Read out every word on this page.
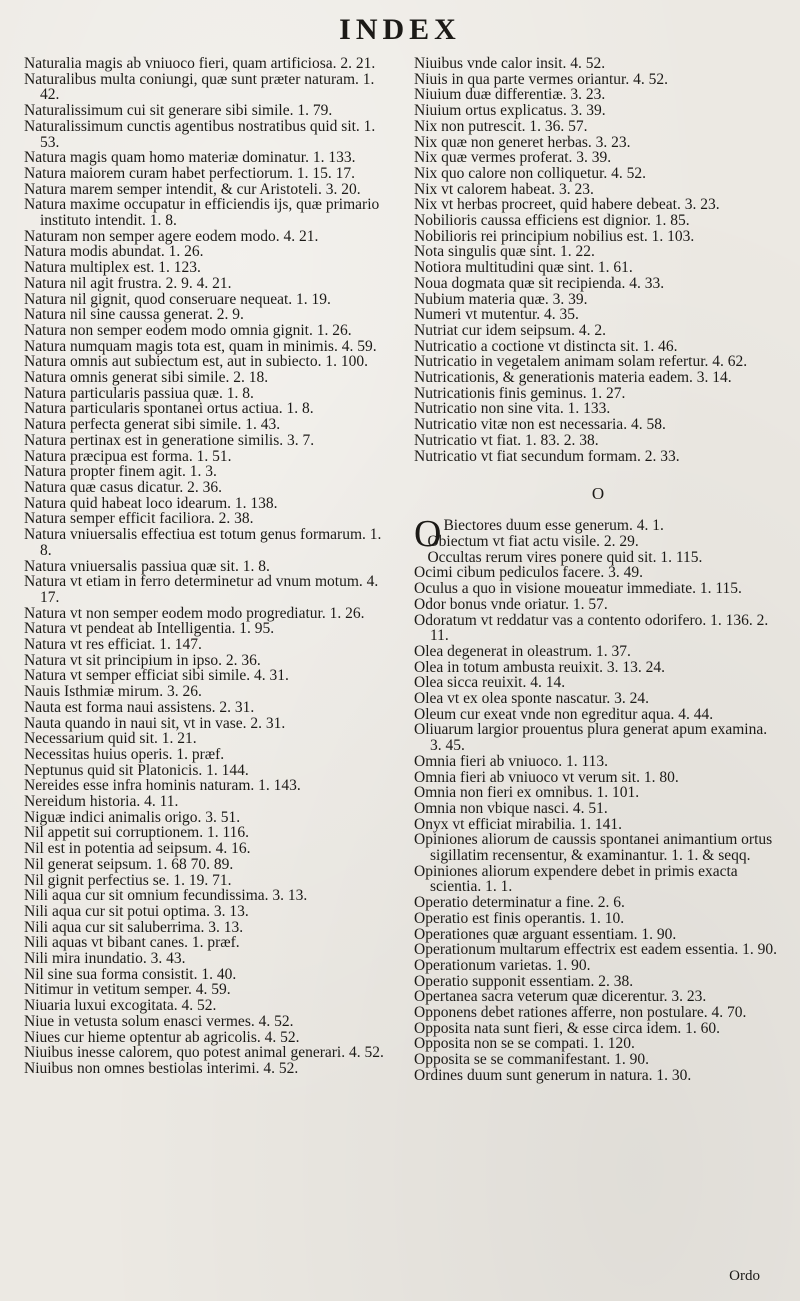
INDEX
Naturalia magis ab vniuoco fieri, quam artificiosa. 2. 21.
Naturalibus multa coniungi, quæ sunt præter naturam. 1. 42.
Naturalissimum cui sit generare sibi simile. 1. 79.
Naturalissimum cunctis agentibus nostratibus quid sit. 1. 53.
Natura magis quam homo materiæ dominatur. 1. 133.
Natura maiorem curam habet perfectiorum. 1. 15. 17.
Natura marem semper intendit, & cur Aristoteli. 3. 20.
Natura maxime occupatur in efficiendis ijs, quæ primario instituto intendit. 1. 8.
Naturam non semper agere eodem modo. 4. 21.
Natura modis abundat. 1. 26.
Natura multiplex est. 1. 123.
Natura nil agit frustra. 2. 9. 4. 21.
Natura nil gignit, quod conseruare nequeat. 1. 19.
Natura nil sine caussa generat. 2. 9.
Natura non semper eodem modo omnia gignit. 1. 26.
Natura numquam magis tota est, quam in minimis. 4. 59.
Natura omnis aut subiectum est, aut in subiecto. 1. 100.
Natura omnis generat sibi simile. 2. 18.
Natura particularis passiua quæ. 1. 8.
Natura particularis spontanei ortus actiua. 1. 8.
Natura perfecta generat sibi simile. 1. 43.
Natura pertinax est in generatione similis. 3. 7.
Natura præcipua est forma. 1. 51.
Natura propter finem agit. 1. 3.
Natura quæ casus dicatur. 2. 36.
Natura quid habeat loco idearum. 1. 138.
Natura semper efficit faciliora. 2. 38.
Natura vniuersalis effectiua est totum genus formarum. 1. 8.
Natura vniuersalis passiua quæ sit. 1. 8.
Natura vt etiam in ferro determinetur ad vnum motum. 4. 17.
Natura vt non semper eodem modo progrediatur. 1. 26.
Natura vt pendeat ab Intelligentia. 1. 95.
Natura vt res efficiat. 1. 147.
Natura vt sit principium in ipso. 2. 36.
Natura vt semper efficiat sibi simile. 4. 31.
Nauis Isthmiæ mirum. 3. 26.
Nauta est forma naui assistens. 2. 31.
Nauta quando in naui sit, vt in vase. 2. 31.
Necessarium quid sit. 1. 21.
Necessitas huius operis. 1. præf.
Neptunus quid sit Platonicis. 1. 144.
Nereides esse infra hominis naturam. 1. 143.
Nereidum historia. 4. 11.
Niguæ indici animalis origo. 3. 51.
Nil appetit sui corruptionem. 1. 116.
Nil est in potentia ad seipsum. 4. 16.
Nil generat seipsum. 1. 68 70. 89.
Nil gignit perfectius se. 1. 19. 71.
Nili aqua cur sit omnium fecundissima. 3. 13.
Nili aqua cur sit potui optima. 3. 13.
Nili aqua cur sit saluberrima. 3. 13.
Nili aquas vt bibant canes. 1. præf.
Nili mira inundatio. 3. 43.
Nil sine sua forma consistit. 1. 40.
Nitimur in vetitum semper. 4. 59.
Niuaria luxui excogitata. 4. 52.
Niue in vetusta solum enasci vermes. 4. 52.
Niues cur hieme optentur ab agricolis. 4. 52.
Niuibus inesse calorem, quo potest animal generari. 4. 52.
Niuibus non omnes bestiolas interimi. 4. 52.
Niuibus vnde calor insit. 4. 52.
Niuis in qua parte vermes oriantur. 4. 52.
Niuium duæ differentiæ. 3. 23.
Niuium ortus explicatus. 3. 39.
Nix non putrescit. 1. 36. 57.
Nix quæ non generet herbas. 3. 23.
Nix quæ vermes proferat. 3. 39.
Nix quo calore non colliquetur. 4. 52.
Nix vt calorem habeat. 3. 23.
Nix vt herbas procreet, quid habere debeat. 3. 23.
Nobilioris caussa efficiens est dignior. 1. 85.
Nobilioris rei principium nobilius est. 1. 103.
Nota singulis quæ sint. 1. 22.
Notiora multitudini quæ sint. 1. 61.
Noua dogmata quæ sit recipienda. 4. 33.
Nubium materia quæ. 3. 39.
Numeri vt mutentur. 4. 35.
Nutriat cur idem seipsum. 4. 2.
Nutricatio a coctione vt distincta sit. 1. 46.
Nutricatio in vegetalem animam solam refertur. 4. 62.
Nutricationis, & generationis materia eadem. 3. 14.
Nutricationis finis geminus. 1. 27.
Nutricatio non sine vita. 1. 133.
Nutricatio vitæ non est necessaria. 4. 58.
Nutricatio vt fiat. 1. 83. 2. 38.
Nutricatio vt fiat secundum formam. 2. 33.
O
O Biectores duum esse generum. 4. 1.
Obiectum vt fiat actu visile. 2. 29.
Occultas rerum vires ponere quid sit. 1. 115.
Ocimi cibum pediculos facere. 3. 49.
Oculus a quo in visione moueatur immediate. 1. 115.
Odor bonus vnde oriatur. 1. 57.
Odoratum vt reddatur vas a contento odorifero. 1. 136. 2. 11.
Olea degenerat in oleastrum. 1. 37.
Olea in totum ambusta reuixit. 3. 13. 24.
Olea sicca reuixit. 4. 14.
Olea vt ex olea sponte nascatur. 3. 24.
Oleum cur exeat vnde non egreditur aqua. 4. 44.
Oliuarum largior prouentus plura generat apum examina. 3. 45.
Omnia fieri ab vniuoco. 1. 113.
Omnia fieri ab vniuoco vt verum sit. 1. 80.
Omnia non fieri ex omnibus. 1. 101.
Omnia non vbique nasci. 4. 51.
Onyx vt efficiat mirabilia. 1. 141.
Opiniones aliorum de caussis spontanei animantium ortus sigillatim recensentur, & examinantur. 1. 1. & seqq.
Opiniones aliorum expendere debet in primis exacta scientia. 1. 1.
Operatio determinatur a fine. 2. 6.
Operatio est finis operantis. 1. 10.
Operationes quæ arguant essentiam. 1. 90.
Operationum multarum effectrix est eadem essentia. 1. 90.
Operationum varietas. 1. 90.
Operatio supponit essentiam. 2. 38.
Opertanea sacra veterum quæ dicerentur. 3. 23.
Opponens debet rationes afferre, non postulare. 4. 70.
Opposita nata sunt fieri, & esse circa idem. 1. 60.
Opposita non se se compati. 1. 120.
Opposita se se commanifestant. 1. 90.
Ordines duum sunt generum in natura. 1. 30.
Ordo
